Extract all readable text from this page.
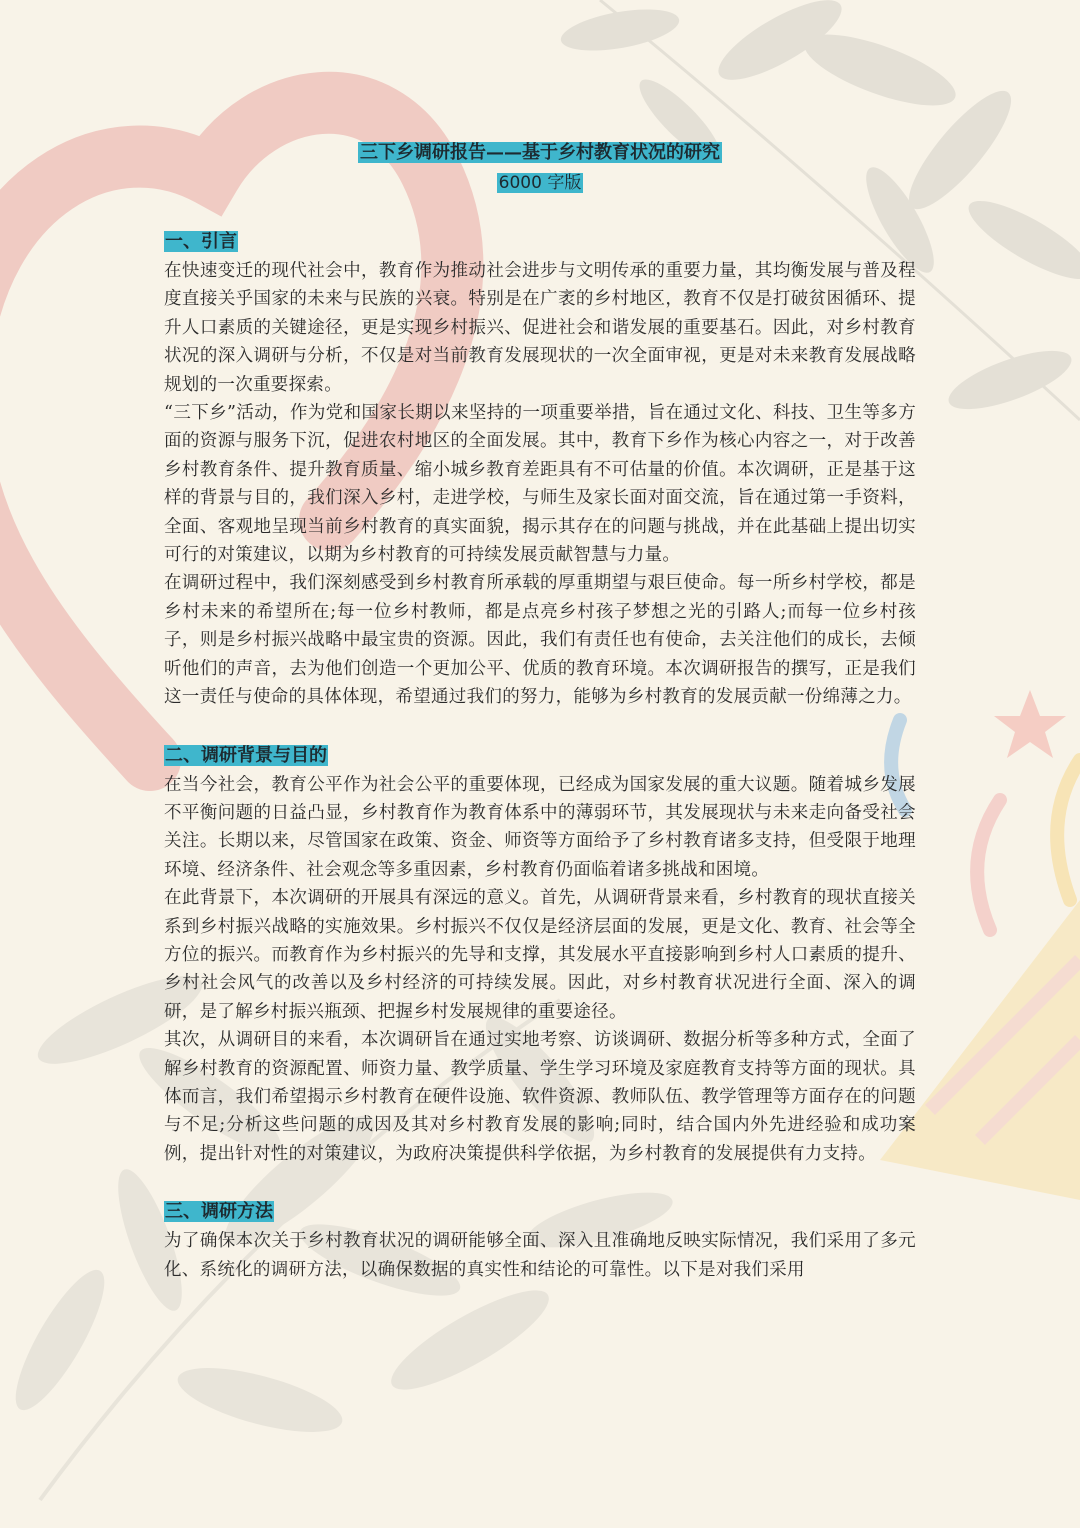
三下乡调研报告——基于乡村教育状况的研究

6000 字版

一、引言

在快速变迁的现代社会中，教育作为推动社会进步与文明传承的重要力量，其均衡发展与普及程度直接关乎国家的未来与民族的兴衰。特别是在广袤的乡村地区，教育不仅是打破贫困循环、提升人口素质的关键途径，更是实现乡村振兴、促进社会和谐发展的重要基石。因此，对乡村教育状况的深入调研与分析，不仅是对当前教育发展现状的一次全面审视，更是对未来教育发展战略规划的一次重要探索。

“三下乡”活动，作为党和国家长期以来坚持的一项重要举措，旨在通过文化、科技、卫生等多方面的资源与服务下沉，促进农村地区的全面发展。其中，教育下乡作为核心内容之一，对于改善乡村教育条件、提升教育质量、缩小城乡教育差距具有不可估量的价值。本次调研，正是基于这样的背景与目的，我们深入乡村，走进学校，与师生及家长面对面交流，旨在通过第一手资料，全面、客观地呈现当前乡村教育的真实面貌，揭示其存在的问题与挑战，并在此基础上提出切实可行的对策建议，以期为乡村教育的可持续发展贡献智慧与力量。

在调研过程中，我们深刻感受到乡村教育所承载的厚重期望与艰巨使命。每一所乡村学校，都是乡村未来的希望所在;每一位乡村教师，都是点亮乡村孩子梦想之光的引路人;而每一位乡村孩子，则是乡村振兴战略中最宝贵的资源。因此，我们有责任也有使命，去关注他们的成长，去倾听他们的声音，去为他们创造一个更加公平、优质的教育环境。本次调研报告的撰写，正是我们这一责任与使命的具体体现，希望通过我们的努力，能够为乡村教育的发展贡献一份绵薄之力。

二、调研背景与目的

在当今社会，教育公平作为社会公平的重要体现，已经成为国家发展的重大议题。随着城乡发展不平衡问题的日益凸显，乡村教育作为教育体系中的薄弱环节，其发展现状与未来走向备受社会关注。长期以来，尽管国家在政策、资金、师资等方面给予了乡村教育诸多支持，但受限于地理环境、经济条件、社会观念等多重因素，乡村教育仍面临着诸多挑战和困境。

在此背景下，本次调研的开展具有深远的意义。首先，从调研背景来看，乡村教育的现状直接关系到乡村振兴战略的实施效果。乡村振兴不仅仅是经济层面的发展，更是文化、教育、社会等全方位的振兴。而教育作为乡村振兴的先导和支撑，其发展水平直接影响到乡村人口素质的提升、乡村社会风气的改善以及乡村经济的可持续发展。因此，对乡村教育状况进行全面、深入的调研，是了解乡村振兴瓶颈、把握乡村发展规律的重要途径。

其次，从调研目的来看，本次调研旨在通过实地考察、访谈调研、数据分析等多种方式，全面了解乡村教育的资源配置、师资力量、教学质量、学生学习环境及家庭教育支持等方面的现状。具体而言，我们希望揭示乡村教育在硬件设施、软件资源、教师队伍、教学管理等方面存在的问题与不足;分析这些问题的成因及其对乡村教育发展的影响;同时，结合国内外先进经验和成功案例，提出针对性的对策建议，为政府决策提供科学依据，为乡村教育的发展提供有力支持。

三、调研方法

为了确保本次关于乡村教育状况的调研能够全面、深入且准确地反映实际情况，我们采用了多元化、系统化的调研方法，以确保数据的真实性和结论的可靠性。以下是对我们采用
